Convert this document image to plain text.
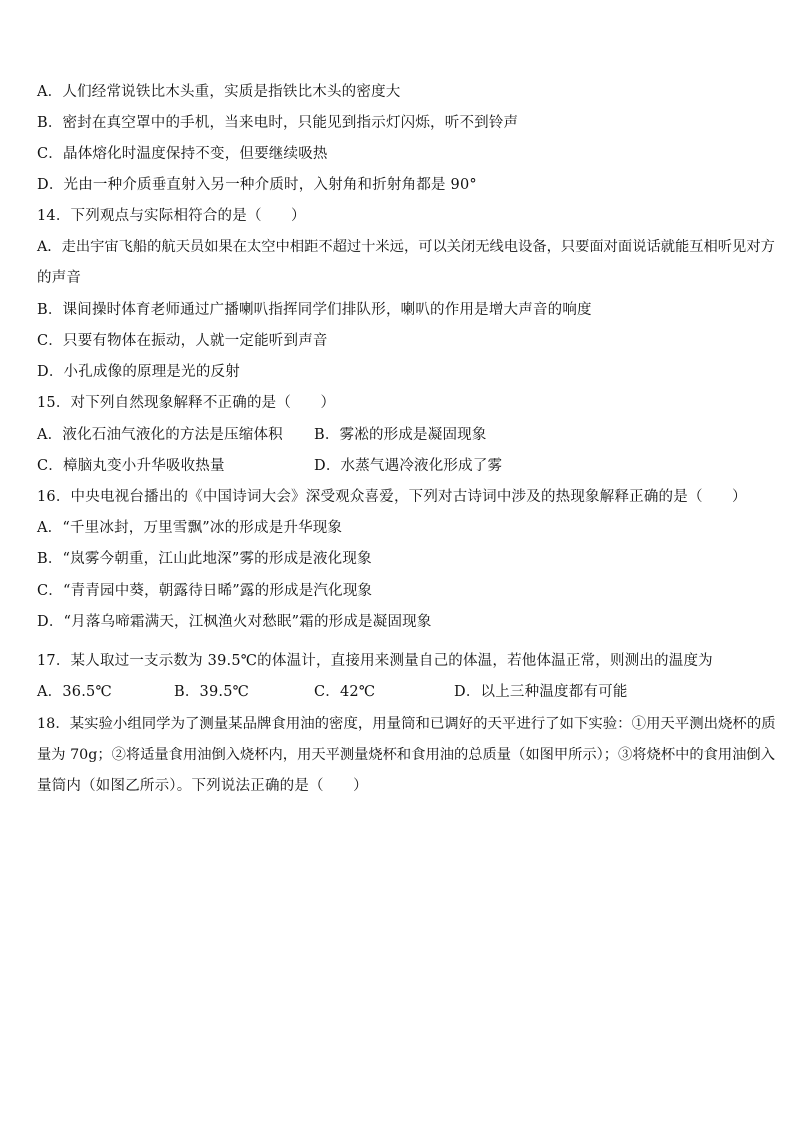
A．人们经常说铁比木头重，实质是指铁比木头的密度大
B．密封在真空罩中的手机，当来电时，只能见到指示灯闪烁，听不到铃声
C．晶体熔化时温度保持不变，但要继续吸热
D．光由一种介质垂直射入另一种介质时，入射角和折射角都是 90°
14．下列观点与实际相符合的是（　　）
A．走出宇宙飞船的航天员如果在太空中相距不超过十米远，可以关闭无线电设备，只要面对面说话就能互相听见对方
的声音
B．课间操时体育老师通过广播喇叭指挥同学们排队形，喇叭的作用是增大声音的响度
C．只要有物体在振动，人就一定能听到声音
D．小孔成像的原理是光的反射
15．对下列自然现象解释不正确的是（　　）
A．液化石油气液化的方法是压缩体积 B．雾凇的形成是凝固现象
C．樟脑丸变小升华吸收热量	D．水蒸气遇冷液化形成了雾
16．中央电视台播出的《中国诗词大会》深受观众喜爱，下列对古诗词中涉及的热现象解释正确的是（　　）
A．“千里冰封，万里雪飘”冰的形成是升华现象
B．“岚雾今朝重，江山此地深”雾的形成是液化现象
C．“青青园中葵，朝露待日晞”露的形成是汽化现象
D．“月落乌啼霜满天，江枫渔火对愁眠”霜的形成是凝固现象
17．某人取过一支示数为 39.5℃的体温计，直接用来测量自己的体温，若他体温正常，则测出的温度为
A．36.5℃	B．39.5℃	C．42℃	D．以上三种温度都有可能
18．某实验小组同学为了测量某品牌食用油的密度，用量筒和已调好的天平进行了如下实验：①用天平测出烧杯的质
量为 70g；②将适量食用油倒入烧杯内，用天平测量烧杯和食用油的总质量（如图甲所示）；③将烧杯中的食用油倒入
量筒内（如图乙所示）。下列说法正确的是（　　）
